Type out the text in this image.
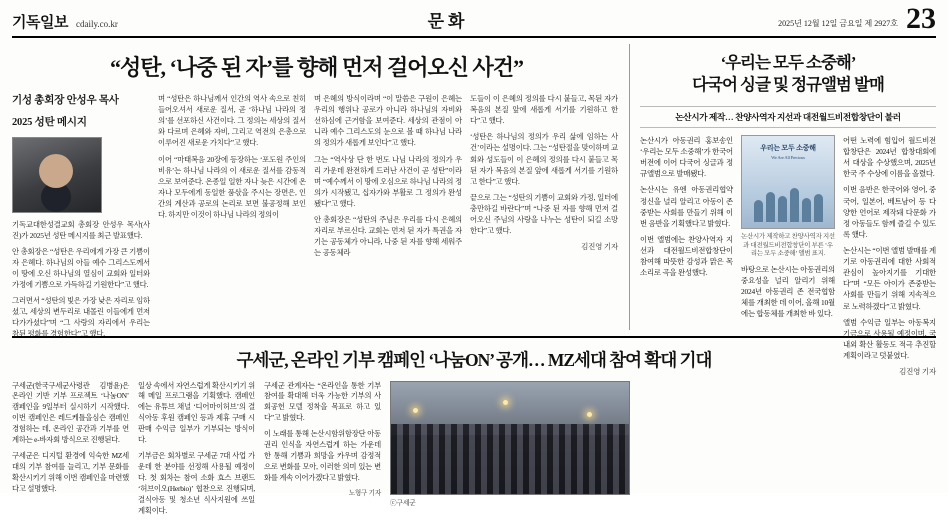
기독일보 cdaily.co.kr	문화	2025년 12월 12일 금요일 제 2927호 23
“성탄, ‘나중 된 자’를 향해 먼저 걸어오신 사건”
기성 총회장 안성우 목사
2025 성탄 메시지

기독교대한성결교회 총회장 안성우 목사(사진)가 2025년 성탄 메시지를 최근 발표했다.

안 총회장은 “성탄은 우리에게 가장 큰 기쁨이자 은혜다. 하나님의 아들 예수 그리스도께서 이 땅에 오신 하나님의 열심이 교회와 일터와 가정에 기쁨으로 가득하길 기원한다”고 했다.

그러면서 “성탄의 빛은 가장 낮은 자리로 임하셨고, 세상의 변두리로 내몰린 이들에게 먼저 다가가셨다”며 “그 사랑의 자리에서 우리는 참된 평화를 경험한다”고 했다.

며 “성탄은 하나님께서 인간의 역사 속으로 친히 들어오셔서 새로운 질서, 곧 ‘하나님 나라의 정의’를 선포하신 사건이다. 그 정의는 세상의 질서와 다르며 은혜와 자비, 그리고 역전의 은총으로 이루어진 새로운 가치다”고 했다.

이어 “마태복음 20장에 등장하는 ‘포도원 주인의 비유’는 하나님 나라의 이 새로운 질서를 감동적으로 보여준다. 온종일 일한 자나 늦은 시간에 온 자나 모두에게 동일한 품삯을 주시는 장면은, 인간의 계산과 공로의 논리로 보면 불공정해 보인다. 하지만 이것이 하나님 나라의 정의이

며 은혜의 방식이라며 “이 말씀은 구원이 은혜는 우리의 행위나 공로가 아니라 하나님의 자비와 선하심에 근거함을 보여준다. 세상의 관점이 아니라 예수 그리스도의 눈으로 볼 때 하나님 나라의 정의가 새롭게 보인다”고 했다.

그는 “역사상 단 한 번도 나님 나라의 정의가 우리 가운데 완전하게 드러난 사건이 곧 성탄”이라며 “예수께서 이 땅에 오심으로 하나님 나라의 정의가 시작됐고, 십자가와 부활로 그 정의가 완성됐다”고 했다.

안 총회장은 “성탄의 주님은 우리를 다시 은혜의 자리로 부르신다. 교회는 먼저 된 자가 특권을 자기는 공동체가 아니라, 나중 된 자를 향해 세워주는 공동체라

도들이 이 은혜의 정의를 다시 붙들고, 목된 자가 복음의 본질 앞에 새롭게 서기를 기원하고 한다”고 했다.

‘성탄은 하나님의 정의가 우리 삶에 임하는 사건’이라는 설명이다. 그는 “성탄절을 맞이하며 교회와 성도들이 이 은혜의 정의를 다시 붙들고 목된 자가 복음의 본질 앞에 새롭게 서기를 기원하고 한다”고 했다.

끝으로 그는 “성탄의 기쁨이 교회와 가정, 일터에 충만하길 바란다”며 “나중 된 자를 향해 먼저 걸어오신 주님의 사랑을 나누는 성탄이 되길 소망한다”고 했다.

김진영 기자
‘우리는 모두 소중해’
다국어 싱글 및 정규앨범 발매
논산시가 제작… 찬양사역자 지선과 대전월드비전합창단이 불러

논산시가 아동권리 홍보송인 ‘우리는 모두 소중해’가 한국어 버전에 이어 다국어 싱글과 정규앨범으로 발매됐다.

논산시는 유엔 아동권리협약 정신을 널리 알리고 아동이 존중받는 사회를 만들기 위해 이번 음반을 기획했다고 밝혔다.

이번 앨범에는 찬양사역자 지선과 대전월드비전합창단이 참여해 따뜻한 감성과 맑은 목소리로 곡을 완성했다.

우리는 모두 소중해
We Are All Precious
논산시가 제작하고 찬양사역자 지선과 대전월드비전합창단이 부른 ‘우리는 모두 소중해’ 앨범 표지.

바탕으로 논산시는 아동권리의 중요성을 널리 알리기 위해 2024년 아동권리 존 전국협함체를 개최한 데 이어, 올해 10월에는 합동체를 개최한 바 있다.

어떤 노력에 힘입어 월드비전합창단은 2024년 합창대회에서 대상을 수상했으며, 2025년 한국 주 수상에 이름을 올렸다.

이번 음반은 한국어와 영어, 중국어, 일본어, 베트남어 등 다양한 언어로 제작돼 다문화 가정 아동들도 함께 즐길 수 있도록 했다.

논산시는 “이번 앨범 발매를 계기로 아동권리에 대한 사회적 관심이 높아지기를 기대한다”며 “모든 아이가 존중받는 사회를 만들기 위해 지속적으로 노력하겠다”고 밝혔다.

앨범 수익금 일부는 아동복지 기금으로 사용될 예정이며, 국내외 확산 활동도 적극 추진할 계획이라고 덧붙였다.

김진영 기자
구세군, 온라인 기부 캠페인 ‘나눔ON’ 공개… MZ세대 참여 확대 기대

구세군(한국구세군사령관 김병윤)은 온라인 기반 기부 프로젝트 ‘나눔ON’ 캠페인을 9일부터 실시하기 시작했다. 이번 캠페인은 레드케틀을심슨 캠페인 경험하는 데, 온라인 공간과 기부를 연계하는 e-바자회 방식으로 진행된다.

구세군은 디지털 환경에 익숙한 MZ세대의 기부 참여를 늘리고, 기부 문화를 확산시키기 위해 이번 캠페인을 마련했다고 설명했다.

일상 속에서 자연스럽게 확산시키기 위해 메일 프로그램을 기획했다. 캠페인에는 유튜브 채널 ‘디어마이허브’의 결식아동 후원 캠페인 등과 제휴 구매 시 판매 수익금 일부가 기부되는 방식이다.

기부금은 회차별로 구세군 7대 사업 가운데 한 분야를 선정해 사용될 예정이다. 첫 회차는 참여 소화 효스 브랜드 ‘허브이오(Herbio)’ 협찬으로 진행되며, 결식아동 및 청소년 식사지원에 쓰일 계획이다.

구세군 관계자는 “온라인을 통한 기부 참여를 확대해 더욱 가능한 기부의 사회공헌 모델 정착을 목표로 하고 있다”고 밝혔다.

이 노래를 통해 논산시함위함장단 아동권리 인식을 자연스럽게 하는 가운데 한 통해 기쁨과 희망을 카우며 감정적으로 변화를 모아, 이러한 의미 있는 변화를 계속 이어가겠다고 밝혔다.

노형구 기자
ⓒ구세군
